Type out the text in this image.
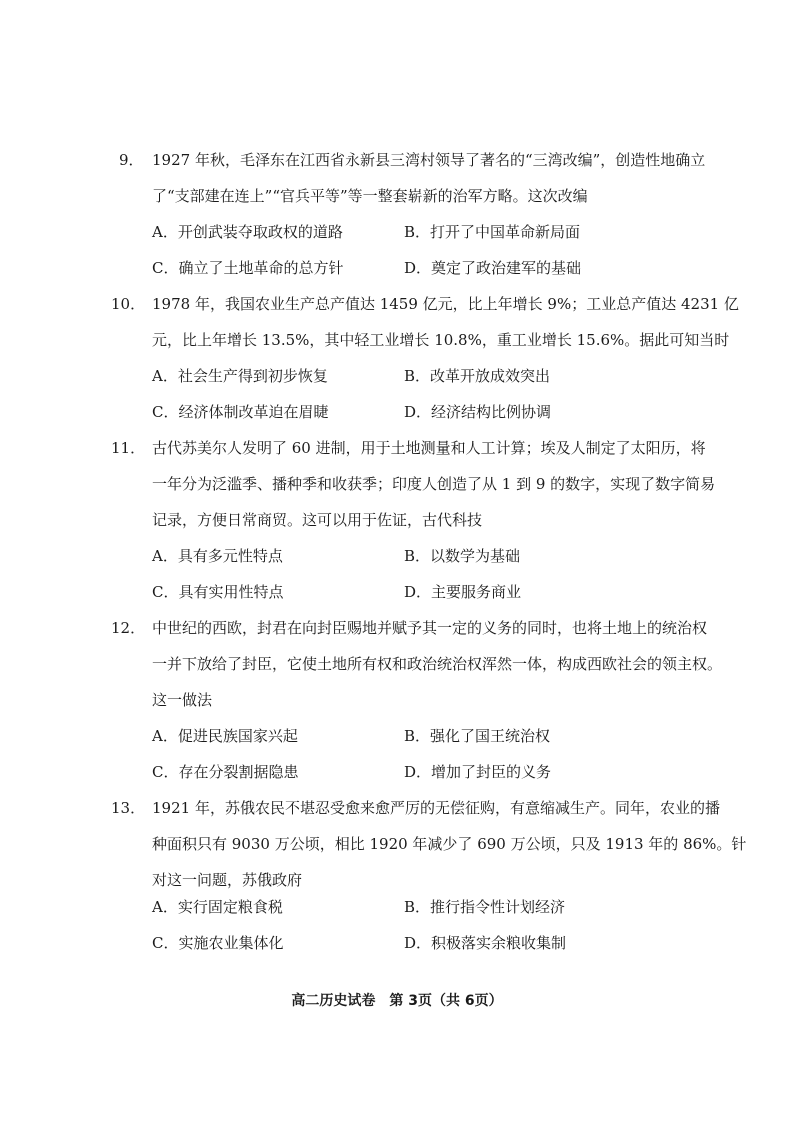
9． 1927 年秋，毛泽东在江西省永新县三湾村领导了著名的“三湾改编”，创造性地确立
了“支部建在连上”“官兵平等”等一整套崭新的治军方略。这次改编
A．开创武装夺取政权的道路	B．打开了中国革命新局面
C．确立了土地革命的总方针	D．奠定了政治建军的基础
10． 1978 年，我国农业生产总产值达 1459 亿元，比上年增长 9%；工业总产值达 4231 亿
元，比上年增长 13.5%，其中轻工业增长 10.8%，重工业增长 15.6%。据此可知当时
A．社会生产得到初步恢复	B．改革开放成效突出
C．经济体制改革迫在眉睫	D．经济结构比例协调
11． 古代苏美尔人发明了 60 进制，用于土地测量和人工计算；埃及人制定了太阳历，将
一年分为泛滥季、播种季和收获季；印度人创造了从 1 到 9 的数字，实现了数字简易
记录，方便日常商贸。这可以用于佐证，古代科技
A．具有多元性特点	B．以数学为基础
C．具有实用性特点	D．主要服务商业
12． 中世纪的西欧，封君在向封臣赐地并赋予其一定的义务的同时，也将土地上的统治权
一并下放给了封臣，它使土地所有权和政治统治权浑然一体，构成西欧社会的领主权。
这一做法
A．促进民族国家兴起	B．强化了国王统治权
C．存在分裂割据隐患	D．增加了封臣的义务
13． 1921 年，苏俄农民不堪忍受愈来愈严厉的无偿征购，有意缩减生产。同年，农业的播
种面积只有 9030 万公顷，相比 1920 年减少了 690 万公顷，只及 1913 年的 86%。针
对这一问题，苏俄政府
A．实行固定粮食税	B．推行指令性计划经济
C．实施农业集体化	D．积极落实余粮收集制
高二历史试卷　第 3页（共 6页）
